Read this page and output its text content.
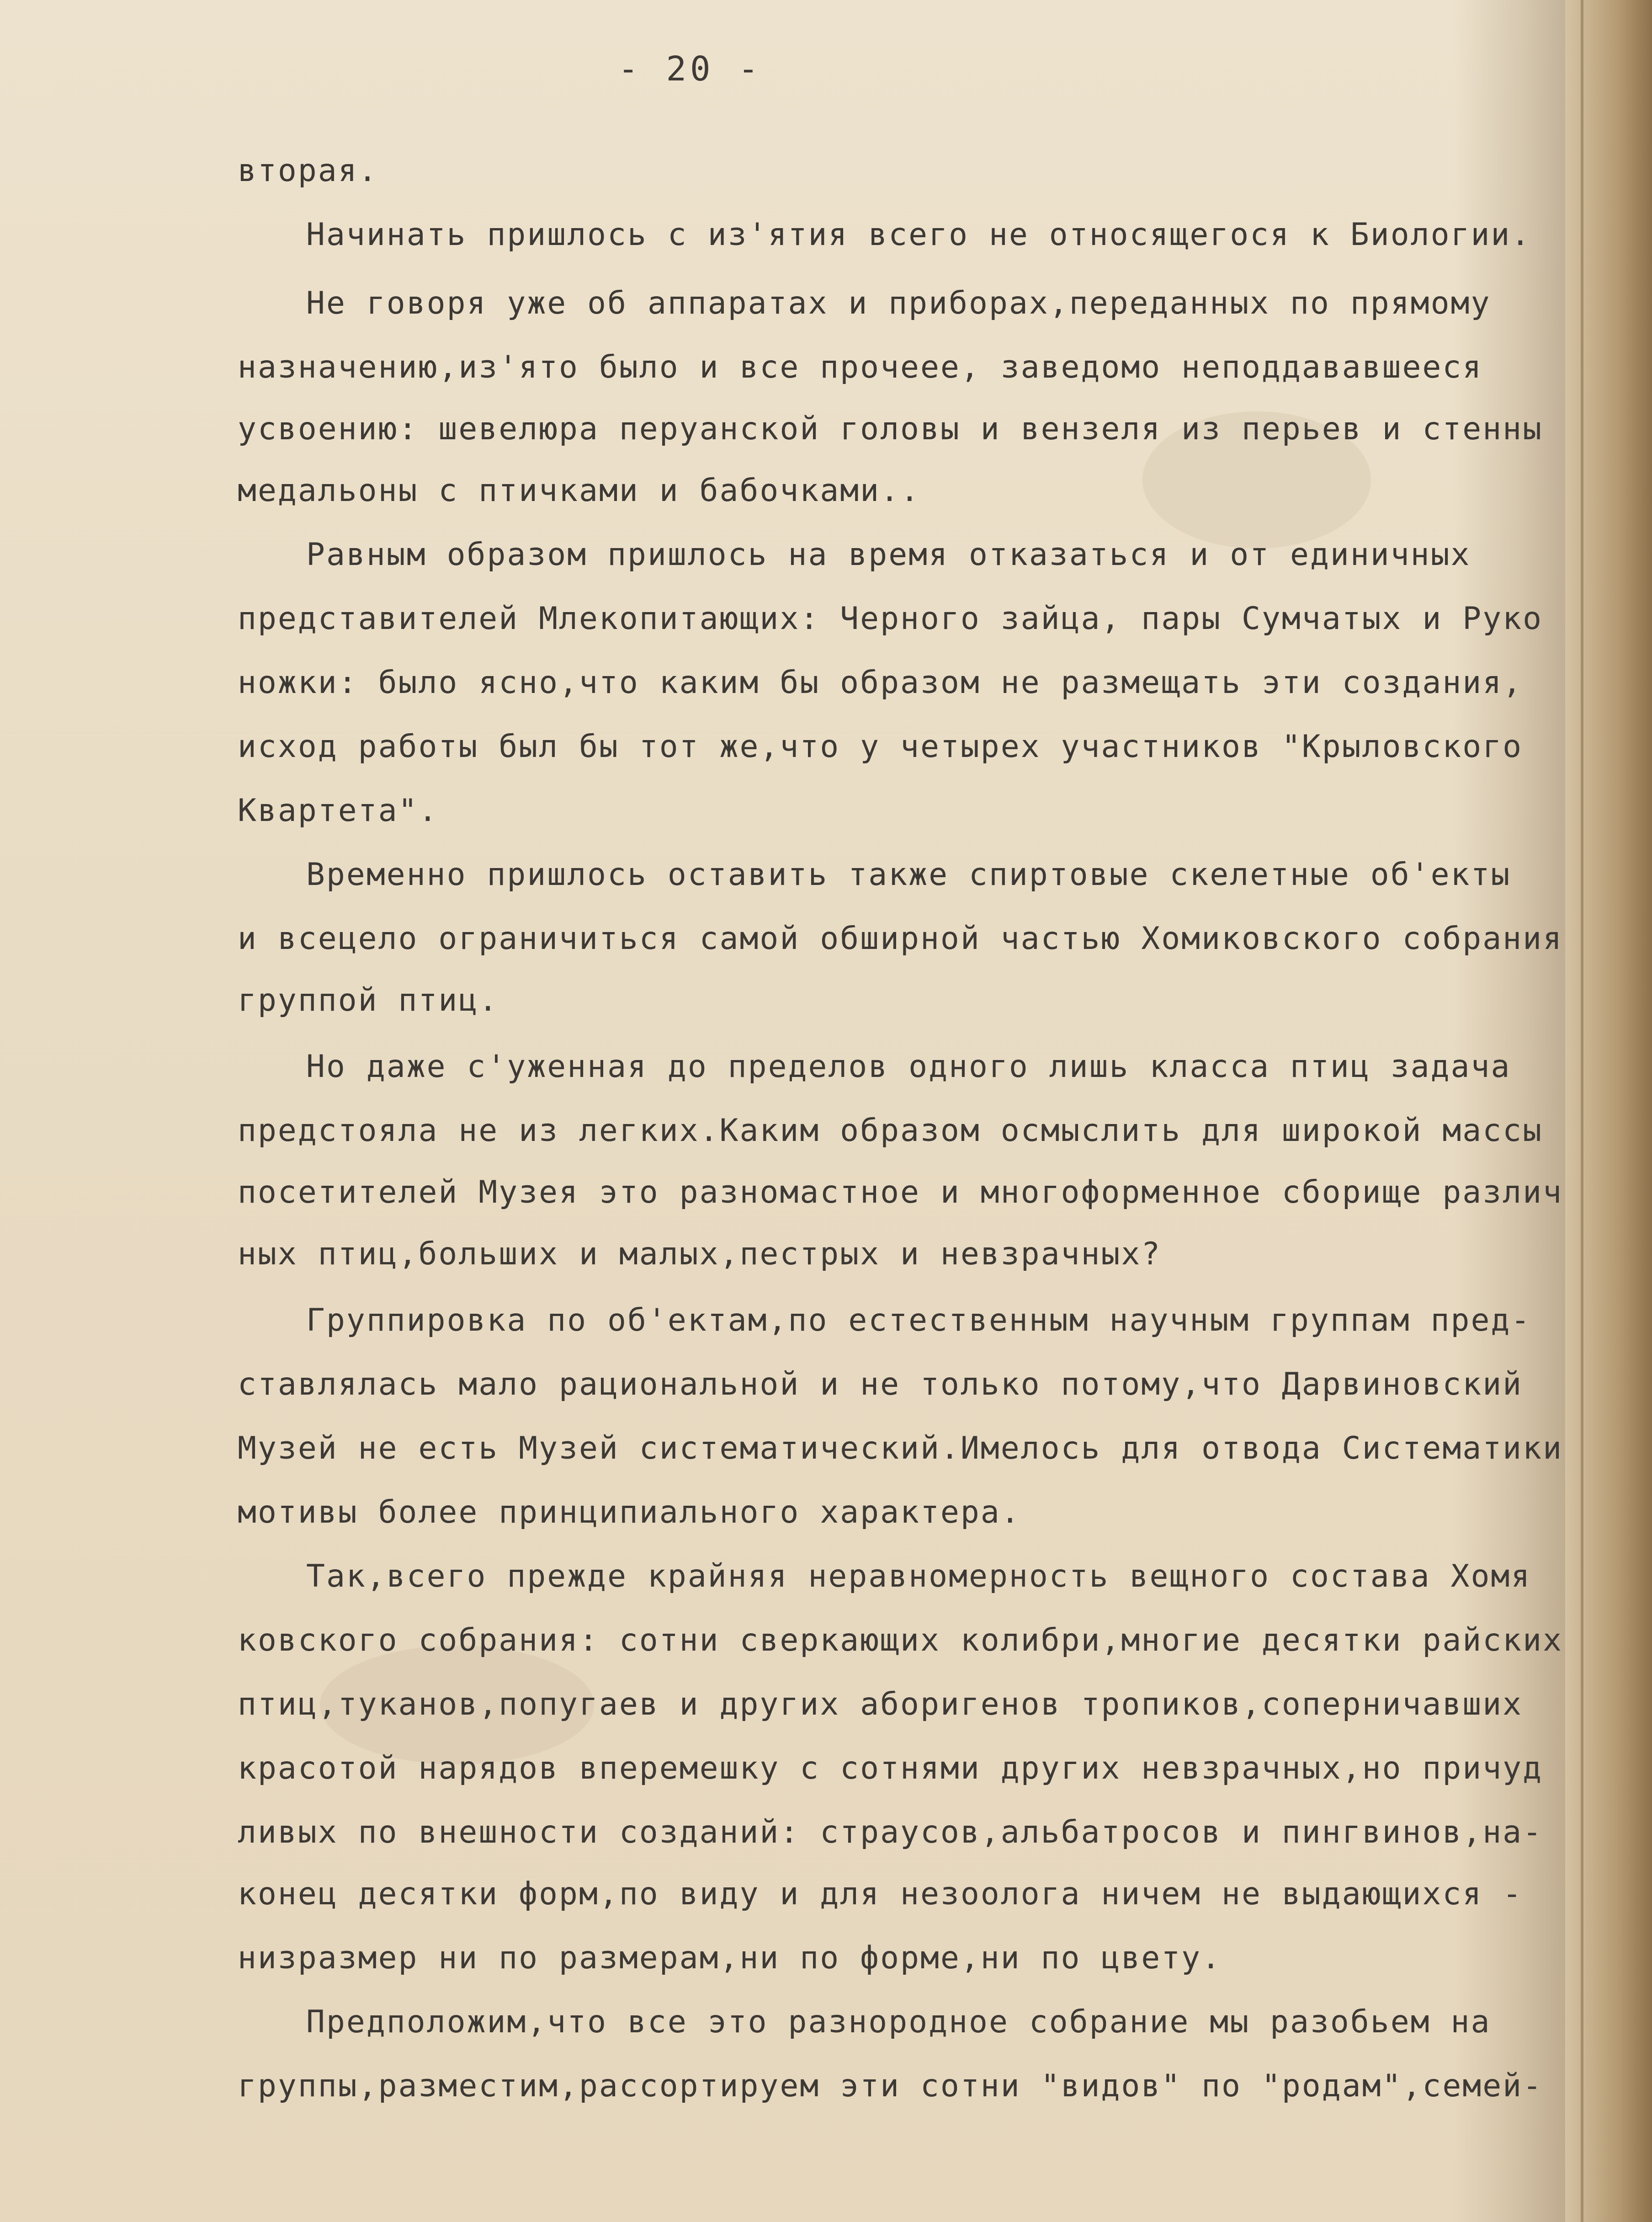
- 20 -
вторая.
Начинать пришлось с из'ятия всего не относящегося к Биологии.
Не говоря уже об аппаратах и приборах,переданных по прямому
назначению,из'ято было и все прочеее, заведомо неподдававшееся
усвоению: шевелюра перуанской головы и вензеля из перьев и стенны
медальоны с птичками и бабочками..
Равным образом пришлось на время отказаться и от единичных
представителей Млекопитающих: Черного зайца, пары Сумчатых и Руко
ножки: было ясно,что каким бы образом не размещать эти создания,
исход работы был бы тот же,что у четырех участников "Крыловского
Квартета".
Временно пришлось оставить также спиртовые скелетные об'екты
и всецело ограничиться самой обширной частью Хомиковского собрания
группой птиц.
Но даже с'уженная до пределов одного лишь класса птиц задача
предстояла не из легких.Каким образом осмыслить для широкой массы
посетителей Музея это разномастное и многоформенное сборище различ
ных птиц,больших и малых,пестрых и невзрачных?
Группировка по об'ектам,по естественным научным группам пред-
ставлялась мало рациональной и не только потому,что Дарвиновский
Музей не есть Музей систематический.Имелось для отвода Систематики
мотивы более принципиального характера.
Так,всего прежде крайняя неравномерность вещного состава Хомя
ковского собрания: сотни сверкающих колибри,многие десятки райских
птиц,туканов,попугаев и других аборигенов тропиков,соперничавших
красотой нарядов вперемешку с сотнями других невзрачных,но причуд
ливых по внешности созданий: страусов,альбатросов и пингвинов,на-
конец десятки форм,по виду и для незоолога ничем не выдающихся -
низразмер ни по размерам,ни по форме,ни по цвету.
Предположим,что все это разнородное собрание мы разобьем на
группы,разместим,рассортируем эти сотни "видов" по "родам",семей-
